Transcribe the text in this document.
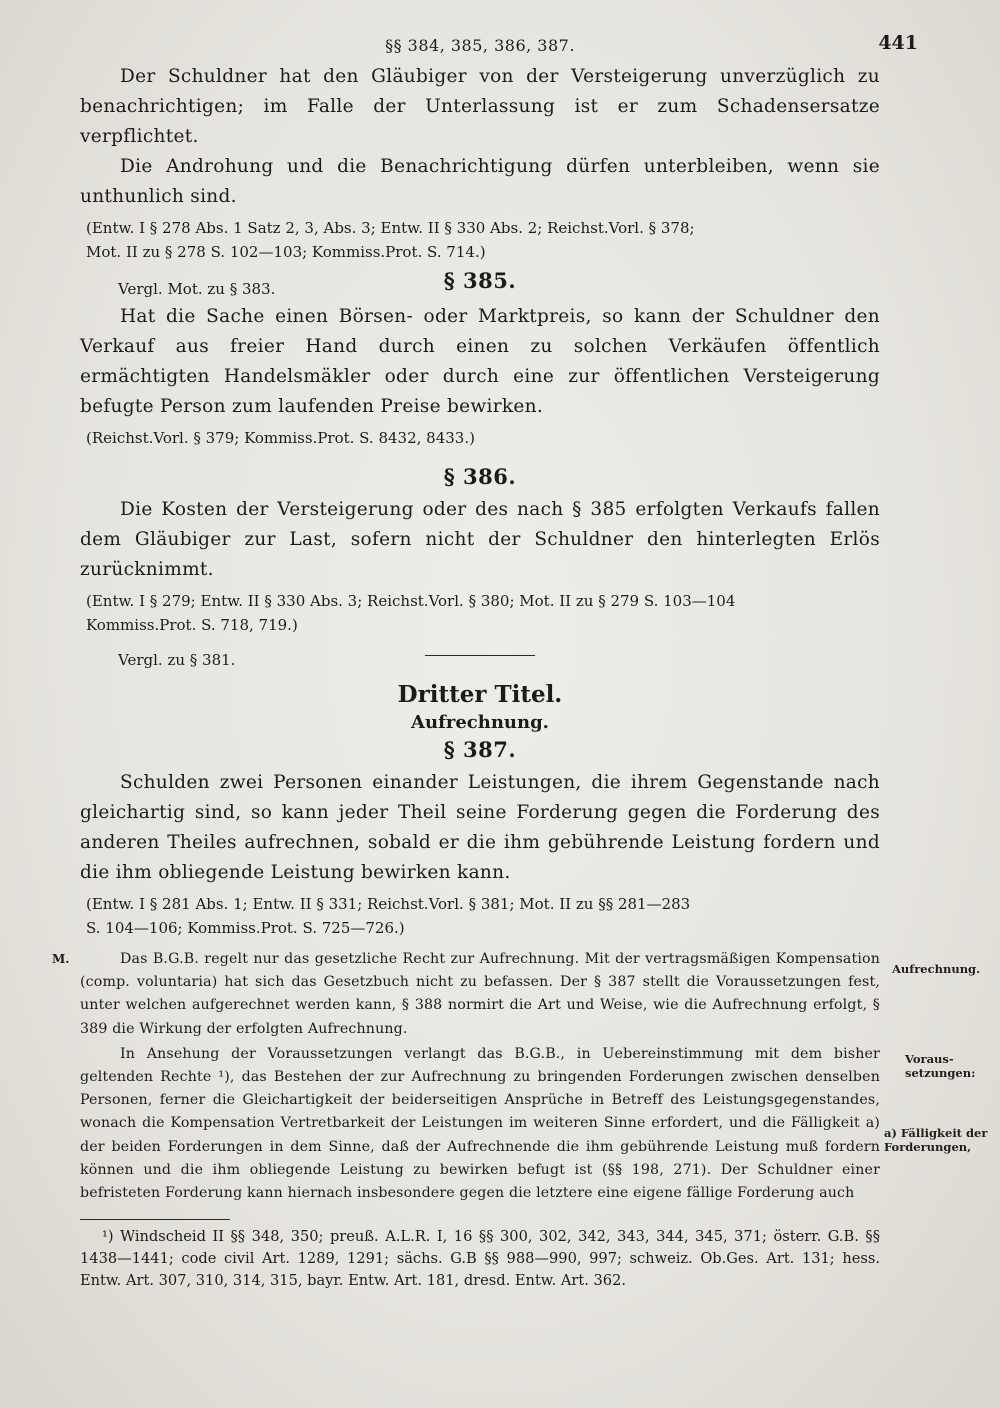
§§ 384, 385, 386, 387.	441

Der Schuldner hat den Gläubiger von der Versteigerung unverzüglich zu benachrichtigen; im Falle der Unterlassung ist er zum Schadensersatze verpflichtet.

Die Androhung und die Benachrichtigung dürfen unterbleiben, wenn sie unthunlich sind.

(Entw. I § 278 Abs. 1 Satz 2, 3, Abs. 3; Entw. II § 330 Abs. 2; Reichst.Vorl. § 378;
Mot. II zu § 278 S. 102—103; Kommiss.Prot. S. 714.)

Vergl. Mot. zu § 383.	§ 385.

Hat die Sache einen Börsen- oder Marktpreis, so kann der Schuldner den Verkauf aus freier Hand durch einen zu solchen Verkäufen öffentlich ermächtigten Handelsmäkler oder durch eine zur öffentlichen Versteigerung befugte Person zum laufenden Preise bewirken.

(Reichst.Vorl. § 379; Kommiss.Prot. S. 8432, 8433.)

§ 386.

Die Kosten der Versteigerung oder des nach § 385 erfolgten Verkaufs fallen dem Gläubiger zur Last, sofern nicht der Schuldner den hinterlegten Erlös zurücknimmt.

(Entw. I § 279; Entw. II § 330 Abs. 3; Reichst.Vorl. § 380; Mot. II zu § 279 S. 103—104
Kommiss.Prot. S. 718, 719.)

Vergl. zu § 381.
Dritter Titel.
Aufrechnung.
§ 387.

Schulden zwei Personen einander Leistungen, die ihrem Gegenstande nach gleichartig sind, so kann jeder Theil seine Forderung gegen die Forderung des anderen Theiles aufrechnen, sobald er die ihm gebührende Leistung fordern und die ihm obliegende Leistung bewirken kann.

(Entw. I § 281 Abs. 1; Entw. II § 331; Reichst.Vorl. § 381; Mot. II zu §§ 281—283
S. 104—106; Kommiss.Prot. S. 725—726.)

M.	Das B.G.B. regelt nur das gesetzliche Recht zur Aufrechnung. Mit der vertragsmäßigen Kompensation (comp. voluntaria) hat sich das Gesetzbuch nicht zu befassen. Der § 387 stellt die Voraussetzungen fest, unter welchen aufgerechnet werden kann, § 388 normirt die Art und Weise, wie die Aufrechnung erfolgt, § 389 die Wirkung der erfolgten Aufrechnung.

In Ansehung der Voraussetzungen verlangt das B.G.B., in Uebereinstimmung mit dem bisher geltenden Rechte ¹), das Bestehen der zur Aufrechnung zu bringenden Forderungen zwischen denselben Personen, ferner die Gleichartigkeit der beiderseitigen Ansprüche in Betreff des Leistungsgegenstandes, wonach die Kompensation Vertretbarkeit der Leistungen im weiteren Sinne erfordert, und die Fälligkeit a) der beiden Forderungen in dem Sinne, daß der Aufrechnende die ihm gebührende Leistung muß fordern können und die ihm obliegende Leistung zu bewirken befugt ist (§§ 198, 271). Der Schuldner einer befristeten Forderung kann hiernach insbesondere gegen die letztere eine eigene fällige Forderung auch

¹) Windscheid II §§ 348, 350; preuß. A.L.R. I, 16 §§ 300, 302, 342, 343, 344, 345, 371; österr. G.B. §§ 1438—1441; code civil Art. 1289, 1291; sächs. G.B §§ 988—990, 997; schweiz. Ob.Ges. Art. 131; hess. Entw. Art. 307, 310, 314, 315, bayr. Entw. Art. 181, dresd. Entw. Art. 362.

Aufrechnung.
Voraus-
setzungen:
a) Fälligkeit der
Forderungen,
